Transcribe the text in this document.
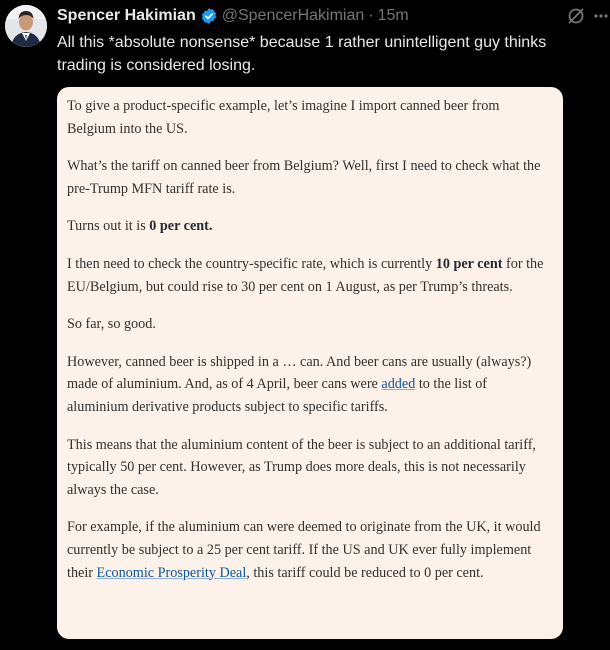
Spencer Hakimian @SpencerHakimian · 15m
All this *absolute nonsense* because 1 rather unintelligent guy thinks trading is considered losing.

To give a product-specific example, let’s imagine I import canned beer from Belgium into the US.

What’s the tariff on canned beer from Belgium? Well, first I need to check what the pre-Trump MFN tariff rate is.

Turns out it is 0 per cent.

I then need to check the country-specific rate, which is currently 10 per cent for the EU/Belgium, but could rise to 30 per cent on 1 August, as per Trump’s threats.

So far, so good.

However, canned beer is shipped in a … can. And beer cans are usually (always?) made of aluminium. And, as of 4 April, beer cans were added to the list of aluminium derivative products subject to specific tariffs.

This means that the aluminium content of the beer is subject to an additional tariff, typically 50 per cent. However, as Trump does more deals, this is not necessarily always the case.

For example, if the aluminium can were deemed to originate from the UK, it would currently be subject to a 25 per cent tariff. If the US and UK ever fully implement their Economic Prosperity Deal, this tariff could be reduced to 0 per cent.
